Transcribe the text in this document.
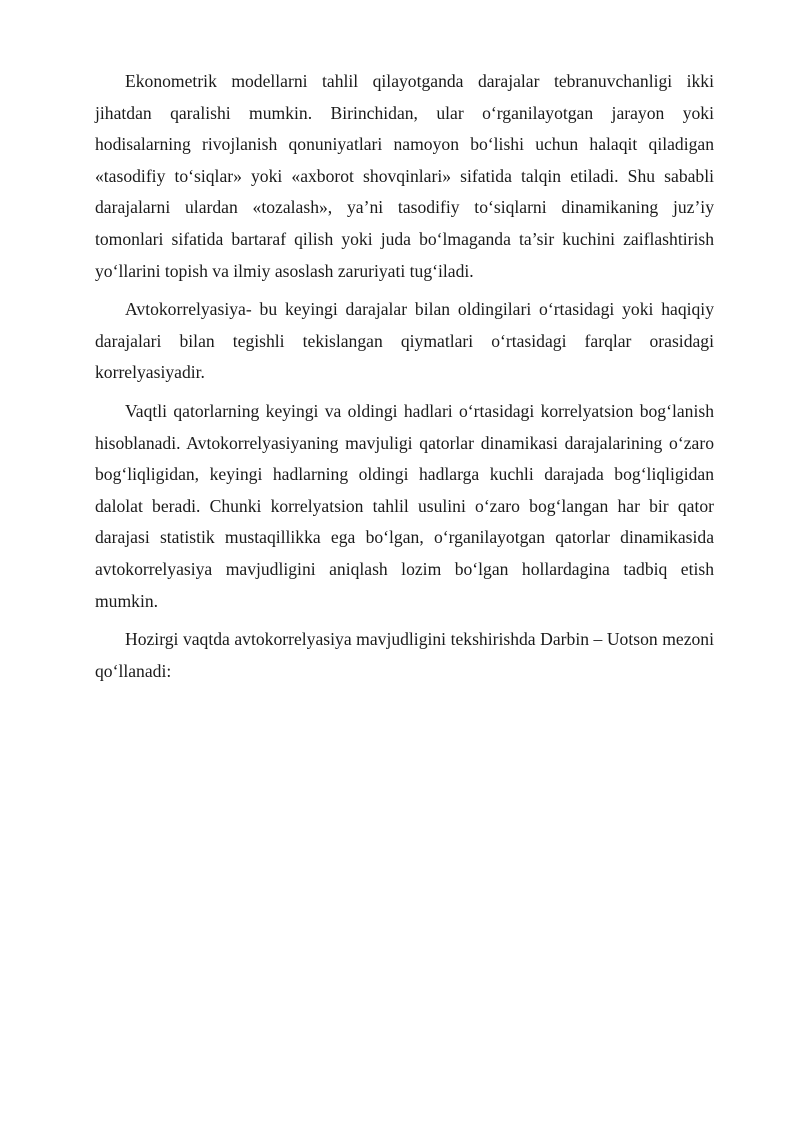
Ekonometrik modellarni tahlil qilayotganda darajalar tebranuvchanligi ikki jihatdan qaralishi mumkin. Birinchidan, ular o‘rganilayotgan jarayon yoki hodisalarning rivojlanish qonuniyatlari namoyon bo‘lishi uchun halaqit qiladigan «tasodifiy to‘siqlar» yoki «axborot shovqinlari» sifatida talqin etiladi. Shu sababli darajalarni ulardan «tozalash», ya’ni tasodifiy to‘siqlarni dinamikaning juz’iy tomonlari sifatida bartaraf qilish yoki juda bo‘lmaganda ta’sir kuchini zaiflashtirish yo‘llarini topish va ilmiy asoslash zaruriyati tug‘iladi.

Avtokorrelyasiya- bu keyingi darajalar bilan oldingilari o‘rtasidagi yoki haqiqiy darajalari bilan tegishli tekislangan qiymatlari o‘rtasidagi farqlar orasidagi korrelyasiyadir.

Vaqtli qatorlarning keyingi va oldingi hadlari o‘rtasidagi korrelyatsion bog‘lanish hisoblanadi. Avtokorrelyasiyaning mavjuligi qatorlar dinamikasi darajalarining o‘zaro bog‘liqligidan, keyingi hadlarning oldingi hadlarga kuchli darajada bog‘liqligidan dalolat beradi. Chunki korrelyatsion tahlil usulini o‘zaro bog‘langan har bir qator darajasi statistik mustaqillikka ega bo‘lgan, o‘rganilayotgan qatorlar dinamikasida avtokorrelyasiya mavjudligini aniqlash lozim bo‘lgan hollardagina tadbiq etish mumkin.

Hozirgi vaqtda avtokorrelyasiya mavjudligini tekshirishda Darbin – Uotson mezoni qo‘llanadi:
